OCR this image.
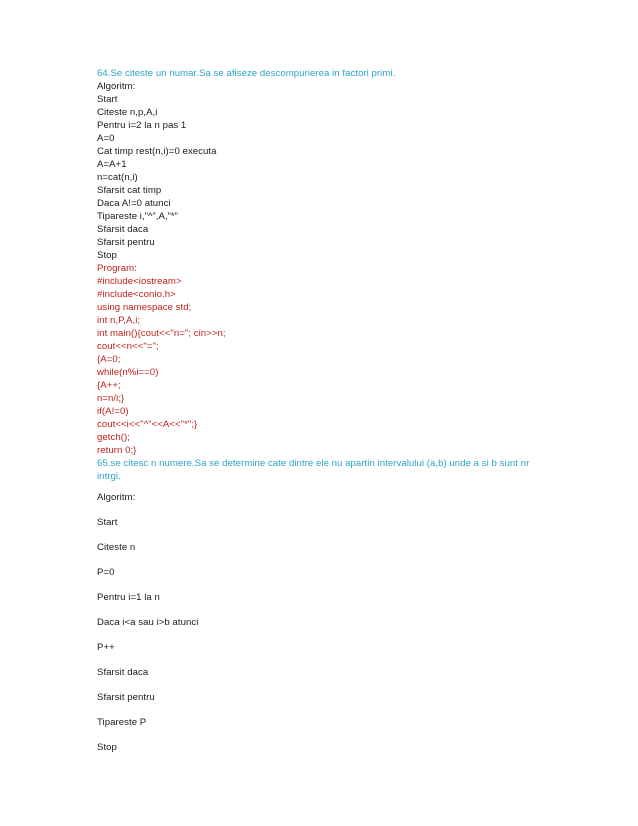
64.Se citeste un numar.Sa se afiseze descompunerea in factori primi.
Algoritm:
Start
Citeste n,p,A,i
Pentru i=2 la n pas 1
A=0
Cat timp rest(n,i)=0 executa
A=A+1
n=cat(n,i)
Sfarsit cat timp
Daca A!=0 atunci
Tipareste i,”^”,A,”*”
Sfarsit daca
Sfarsit pentru
Stop
Program:
#include<iostream>
#include<conio.h>
using namespace std;
int n,P,A,i;
int main(){cout<<"n="; cin>>n;
cout<<n<<"=";
{A=0;
while(n%i==0)
{A++;
n=n/i;}
if(A!=0)
cout<<i<<"^"<<A<<"*";}
getch();
return 0;}
65.se citesc n numere.Sa se determine cate dintre ele nu apartin intervalului (a,b) unde a si b sunt nr
intrgi.
Algoritm:
Start
Citeste n
P=0
Pentru i=1 la n
Daca i<a sau i>b atunci
P++
Sfarsit daca
Sfarsit pentru
Tipareste P
Stop
